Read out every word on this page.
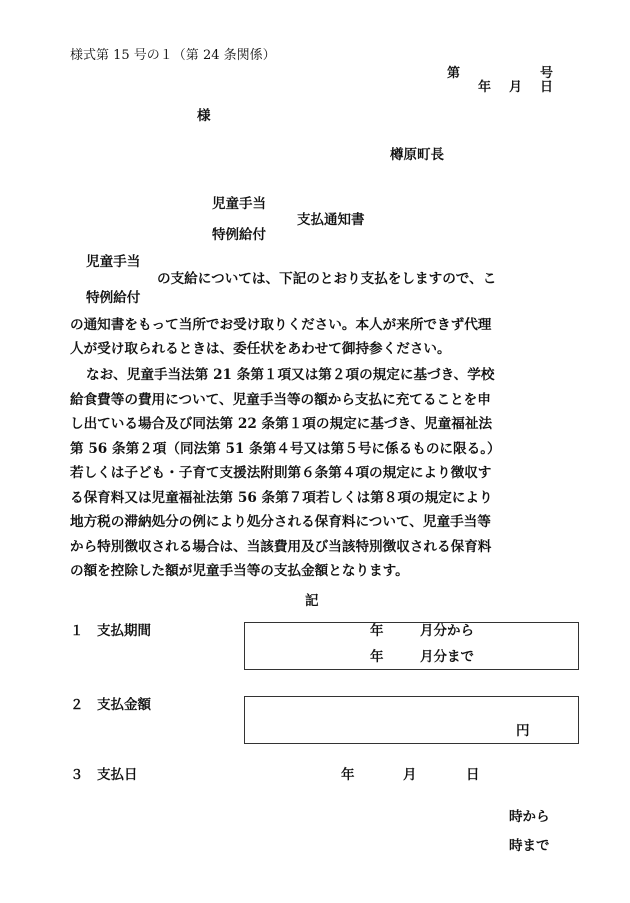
様式第 15 号の１（第 24 条関係）
第	号
年 月 日
様
樽原町長
児童手当
支払通知書
特例給付
児童手当
の支給については、下記のとおり支払をしますので、こ
特例給付
の通知書をもって当所でお受け取りください。本人が来所できず代理
人が受け取られるときは、委任状をあわせて御持参ください。
なお、児童手当法第 21 条第１項又は第２項の規定に基づき、学校
給食費等の費用について、児童手当等の額から支払に充てることを申
し出ている場合及び同法第 22 条第１項の規定に基づき、児童福祉法
第 56 条第２項（同法第 51 条第４号又は第５号に係るものに限る。）
若しくは子ども・子育て支援法附則第６条第４項の規定により徴収す
る保育料又は児童福祉法第 56 条第７項若しくは第８項の規定により
地方税の滞納処分の例により処分される保育料について、児童手当等
から特別徴収される場合は、当該費用及び当該特別徴収される保育料
の額を控除した額が児童手当等の支払金額となります。
記
１　支払期間	年	月分から
年	月分まで
２　支払金額
円
３　支払日	年	月	日
時から
時まで
